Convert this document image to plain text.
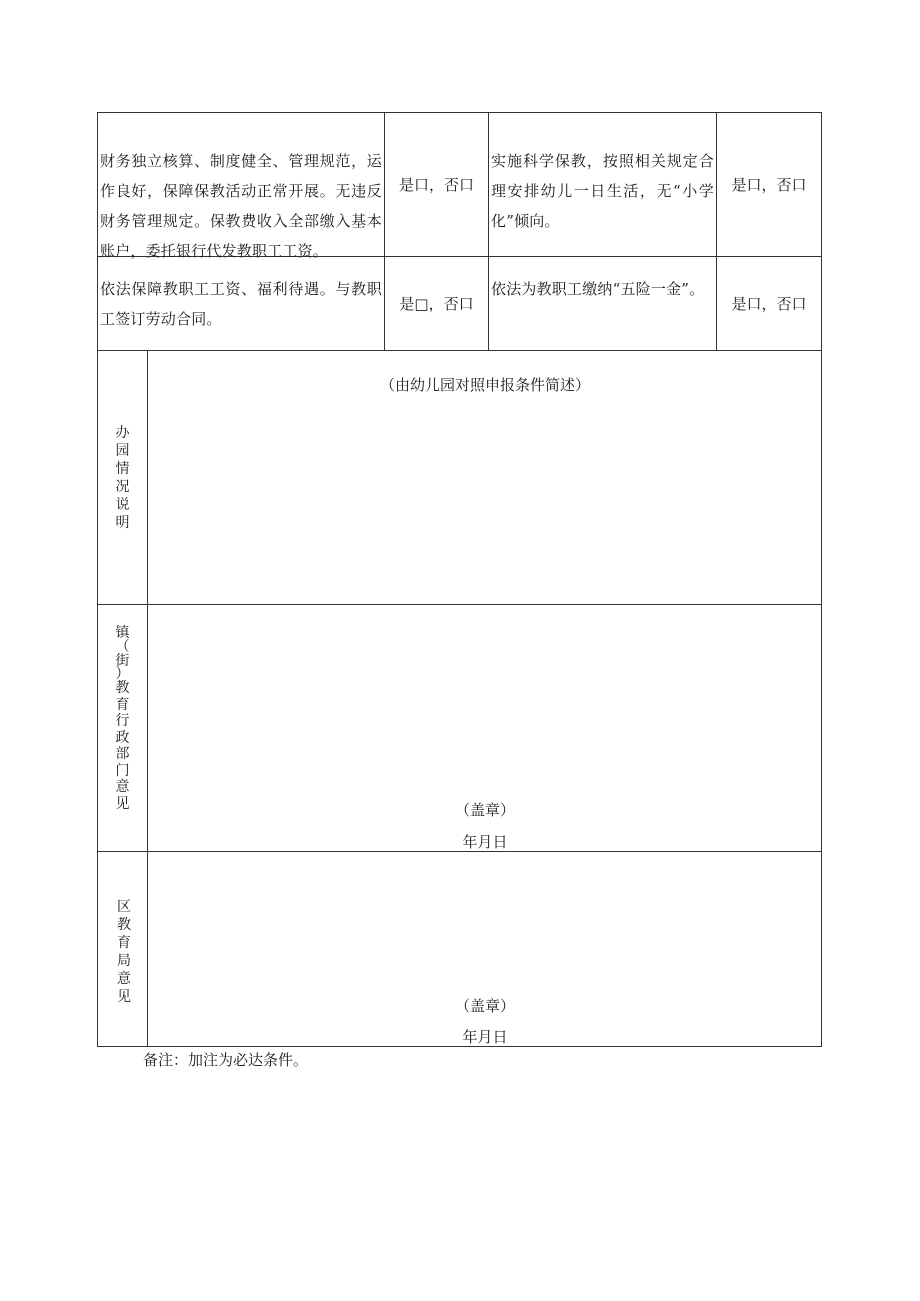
财务独立核算、制度健全、管理规范，运作良好，保障保教活动正常开展。无违反财务管理规定。保教费收入全部缴入基本账户，委托银行代发教职工工资。
是口，否口
实施科学保教，按照相关规定合理安排幼儿一日生活，无“小学化”倾向。
是口，否口
依法保障教职工工资、福利待遇。与教职工签订劳动合同。
是□，否口
依法为教职工缴纳“五险一金”。
是口，否口
办
园
情
况
说
明
（由幼儿园对照申报条件简述）
镇
（
街
）
教
育
行
政
部
门
意
见	（盖章）
年月日
区
教
育
局
意
见	（盖章）
年月日
备注：加注为必达条件。
